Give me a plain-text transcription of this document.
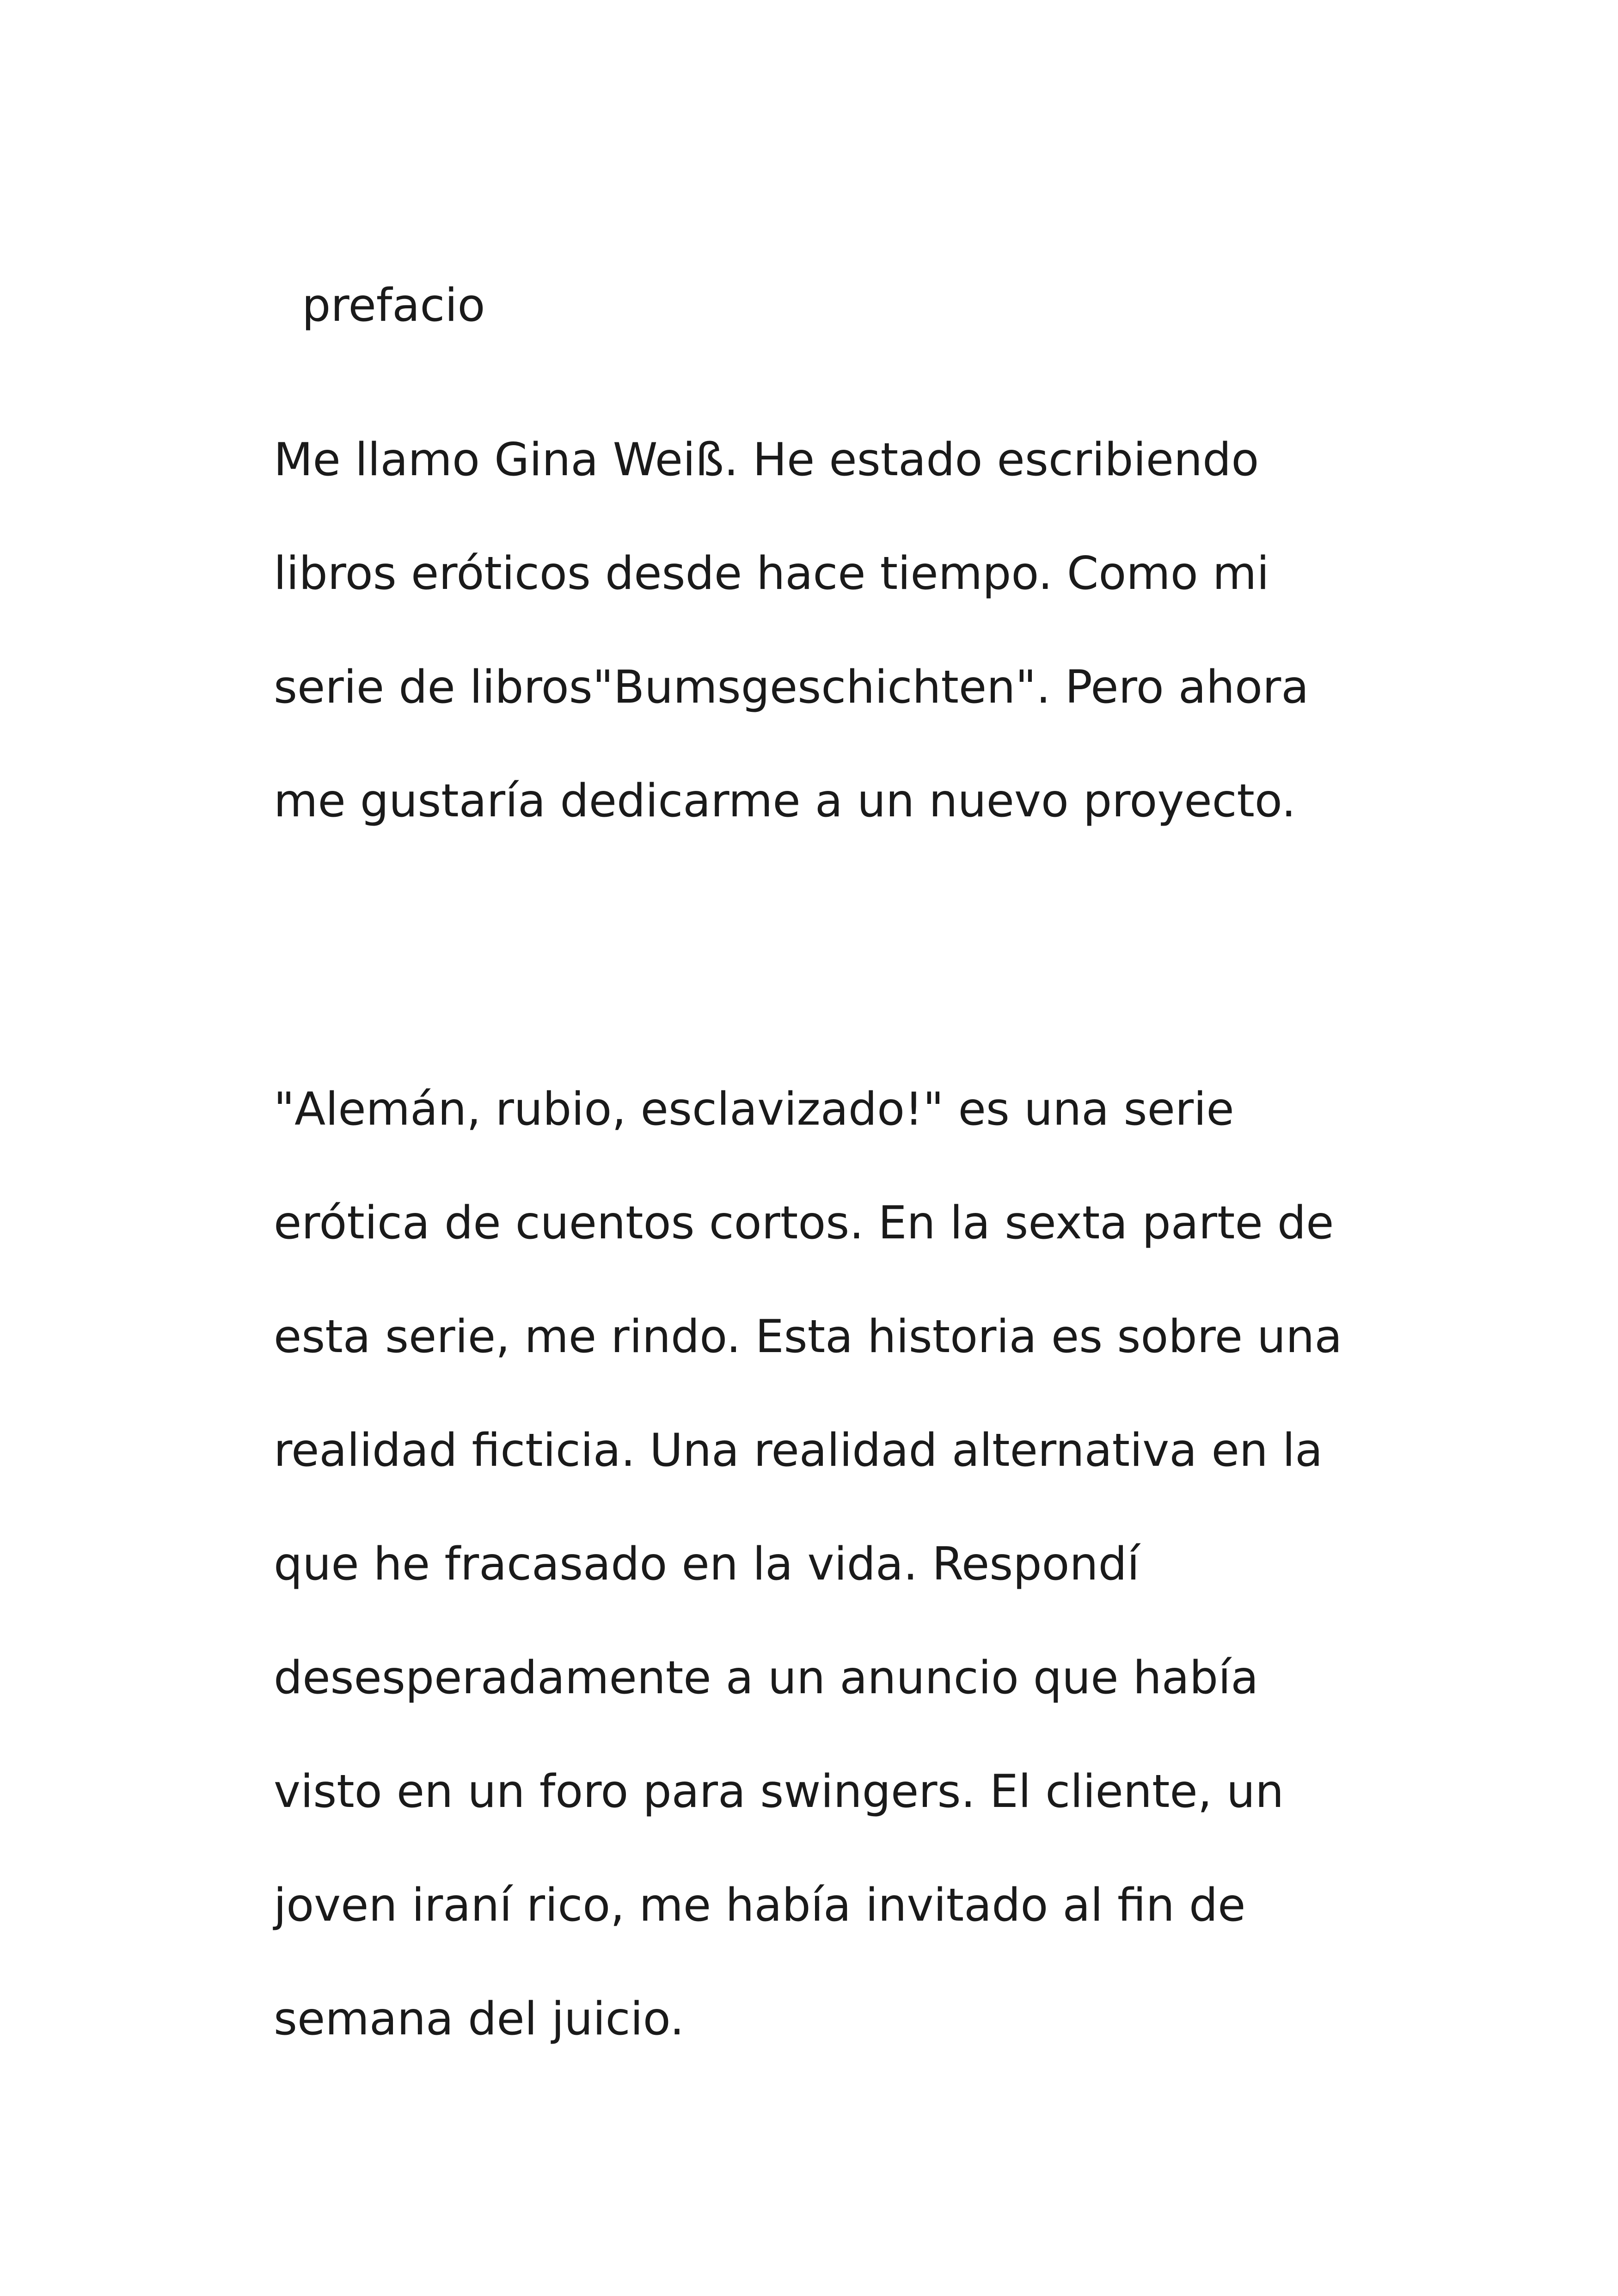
prefacio

Me llamo Gina Weiß. He estado escribiendo
libros eróticos desde hace tiempo. Como mi
serie de libros"Bumsgeschichten". Pero ahora
me gustaría dedicarme a un nuevo proyecto.

"Alemán, rubio, esclavizado!" es una serie
erótica de cuentos cortos. En la sexta parte de
esta serie, me rindo. Esta historia es sobre una
realidad ficticia. Una realidad alternativa en la
que he fracasado en la vida. Respondí
desesperadamente a un anuncio que había
visto en un foro para swingers. El cliente, un
joven iraní rico, me había invitado al fin de
semana del juicio.
